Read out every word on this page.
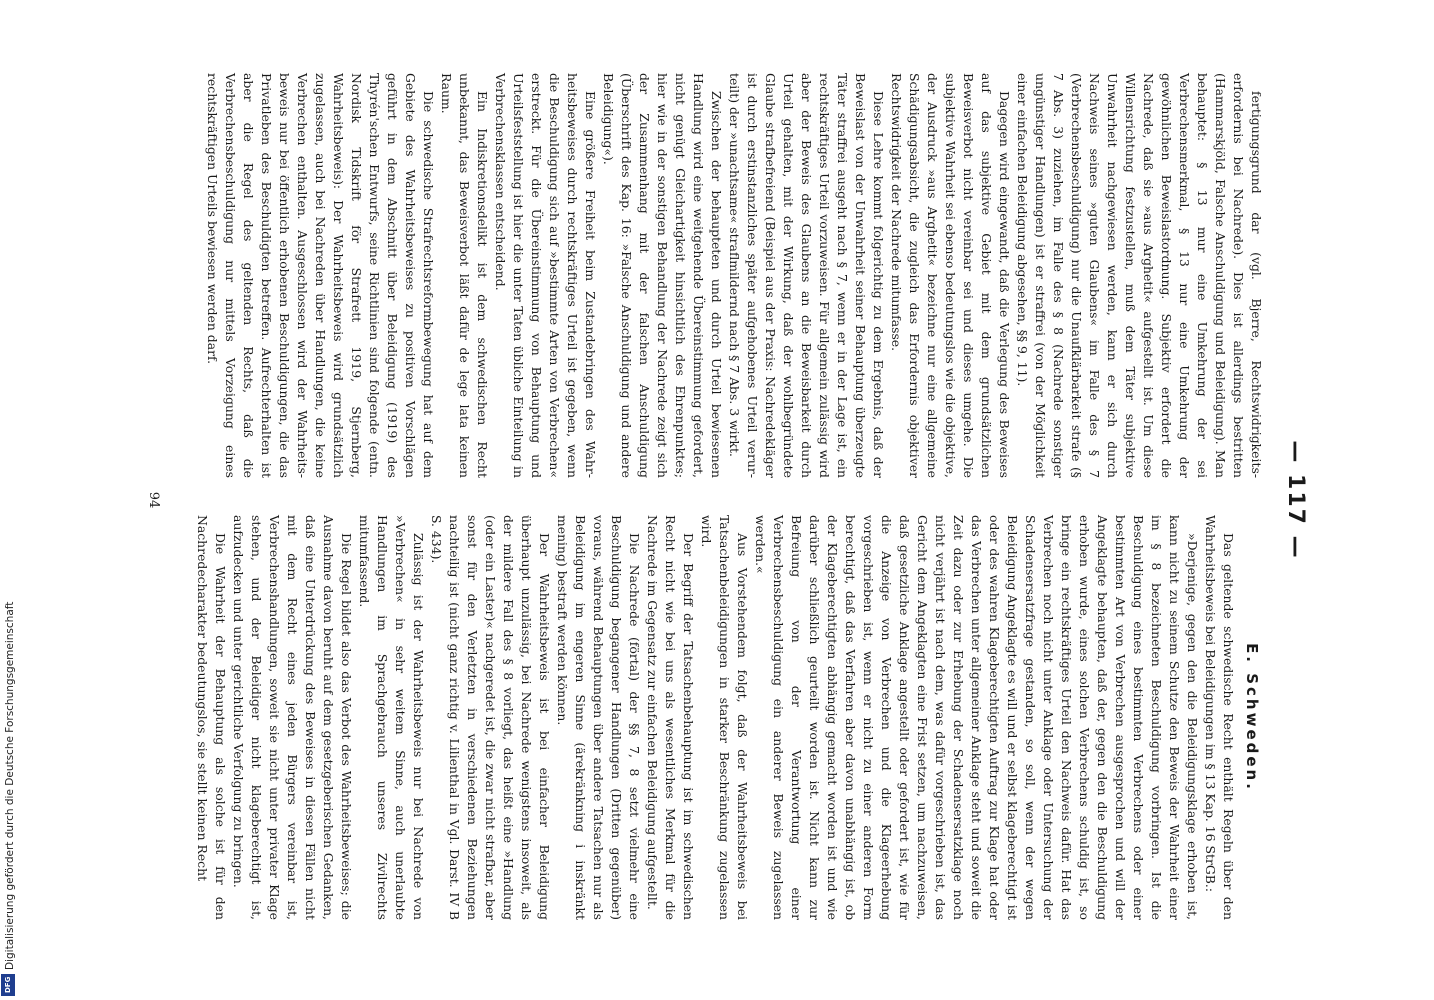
— 117 —

fertigungsgrund dar (vgl. Bjerre, Rechtswidrigkeitserfordernis bei Nachrede). Dies ist allerdings bestritten (Hammarskjöld, Falsche Anschuldigung und Beleidigung). Man behauptet: § 13 mur eine Umkehrung der sei Verbrechensmerkmal, § 13 nur eine Umkehrung der gewöhnlichen Beweislastordnung. Subjektiv erfordert die Nachrede, daß sie »aus Arghetit« aufgestellt ist. Um diese Willensrichtung festzustellen, muß dem Täter subjektive Unwahrheit nachgewiesen werden, kann er sich durch Nachweis seines »guten Glaubens« im Falle des § 7 (Verbrechensbeschuldigung) nur die Unaufklärbarkeit strafe (§ 7 Abs. 3) zuziehen, im Falle des § 8 (Nachrede sonstiger ungünstiger Handlungen) ist er straffrei (von der Möglichkeit einer einfachen Beleidigung abgesehen, §§ 9, 11).

Dagegen wird eingewandt, daß die Verlegung des Beweises auf das subjektive Gebiet mit dem grundsätzlichen Beweisverbot nicht vereinbar sei und dieses umgehe. Die subjektive Wahrheit sei ebenso bedeutungslos wie die objektive, der Ausdruck »aus Arghetit« bezeichne nur eine allgemeine Schädigungsabsicht, die zugleich das Erfordernis objektiver Rechtswidrigkeit der Nachrede mitumfasse.

Diese Lehre kommt folgerichtig zu dem Ergebnis, daß der Beweislast von der Unwahrheit seiner Behauptung überzeugte Täter straffrei ausgeht nach § 7, wenn er in der Lage ist, ein rechtskräftiges Urteil vorzuweisen. Für allgemein zulässig wird aber der Beweis des Glaubens an die Beweisbarkeit durch Urteil gehalten, mit der Wirkung, daß der wohlbegründete Glaube strafbefreiend (Beispiel aus der Praxis: Nachredekläger ist durch erstinstanzliches später aufgehobenes Urteil verurteilt) der »unachtsame« straflmildernd nach § 7 Abs. 3 wirkt.

Zwischen der behaupteten und durch Urteil bewiesenen Handlung wird eine weitgehende Übereinstimmung gefordert, nicht genügt Gleichartigkeit hinsichtlich des Ehrenpunktes; hier wie in der sonstigen Behandlung der Nachrede zeigt sich der Zusammenhang mit der falschen Anschuldigung (Überschrift des Kap. 16: »Falsche Anschuldigung und andere Beleidigung«).

Eine größere Freiheit beim Zustandebringen des Wahrheitsbeweises durch rechtskräftiges Urteil ist gegeben, wenn die Beschuldigung sich auf »bestimmte Arten von Verbrechen« erstreckt. Für die Übereinstimmung von Behauptung und Urteilsfeststellung ist hier die unter Taten übliche Einteilung in Verbrechensklassen entscheidend.

Ein Indiskretionsdelikt ist dem schwedischen Recht unbekannt, das Beweisverbot läßt dafür de lege lata keinen Raum.

Die schwedische Strafrechtsreformbewegung hat auf dem Gebiete des Wahrheitsbeweises zu positiven Vorschlägen geführt in dem Abschnitt über Beleidigung (1919) des Thyrén'schen Entwurfs, seine Richtlinien sind folgende (entn. Nordisk Tidskrift för Strafrett 1919, Stjernberg, Wahrheitsbeweis): Der Wahrheitsbeweis wird grundsätzlich zugelassen, auch bei Nachreden über Handlungen, die keine Verbrechen enthalten. Ausgeschlossen wird der Wahrheitsbeweis nur bei öffentlich erhobenen Beschuldigungen, die das Privatleben des Beschuldigten betreffen. Aufrechterhalten ist aber die Regel des geltenden Rechts, daß die Verbrechensbeschuldigung nur mittels Vorzeigung eines rechtskräftigen Urteils bewiesen werden darf.

E. Schweden.

Das geltende schwedische Recht enthält Regeln über den Wahrheitsbeweis bei Beleidigungen im § 13 Kap. 16 StrGB.:

»Derjenige, gegen den die Beleidigungsklage erhoben ist, kann nicht zu seinem Schutze den Beweis der Wahrheit einer im § 8 bezeichneten Beschuldigung vorbringen. Ist die Beschuldigung eines bestimmten Verbrechens oder einer bestimmten Art von Verbrechen ausgesprochen und will der Angeklagte behaupten, daß der, gegen den die Beschuldigung erhoben wurde, eines solchen Verbrechens schuldig ist, so bringe ein rechtskräftiges Urteil den Nachweis dafür. Hat das Verbrechen noch nicht unter Anklage oder Untersuchung der Schadensersatzfrage gestanden, so soll, wenn der wegen Beleidigung Angeklagte es will und er selbst klageberechtigt ist oder des wahren Klageberechtigten Auftrag zur Klage hat oder das Verbrechen unter allgemeiner Anklage steht und soweit die Zeit dazu oder zur Erhebung der Schadensersatzklage noch nicht verjährt ist nach dem, was dafür vorgeschrieben ist, das Gericht dem Angeklagten eine Frist setzen, um nachzuweisen, daß gesetzliche Anklage angestellt oder gefordert ist, wie für die Anzeige von Verbrechen und die Klageerhebung vorgeschrieben ist, wenn er nicht zu einer anderen Form berechtigt, daß das Verfahren aber davon unabhängig ist, ob der Klageberechtigten abhängig gemacht worden ist und wie darüber schließlich geurteilt worden ist. Nicht kann zur Befreiung von der Verantwortung einer Verbrechensbeschuldigung ein anderer Beweis zugelassen werden.«

Aus Vorstehendem folgt, daß der Wahrheitsbeweis bei Tatsachenbeleidigungen in starker Beschränkung zugelassen wird.

Der Begriff der Tatsachenbehauptung ist im schwedischen Recht nicht wie bei uns als wesentliches Merkmal für die Nachrede im Gegensatz zur einfachen Beleidigung aufgestellt.

Die Nachrede (förtal) der §§ 7, 8 setzt vielmehr eine Beschuldigung begangener Handlungen (Dritten gegenüber) voraus, während Behauptungen über andere Tatsachen nur als Beleidigung im engeren Sinne (ärekränkning i inskränkt mening) bestraft werden können.

Der Wahrheitsbeweis ist bei einfacher Beleidigung überhaupt unzulässig, bei Nachrede wenigstens insoweit, als der mildere Fall des § 8 vorliegt, das heißt eine »Handlung (oder ein Laster)« nachgeredet ist, die zwar nicht strafbar, aber sonst für den Verletzten in verschiedenen Beziehungen nachteilig ist (nicht ganz richtig v. Lilienthal in Vgl. Darst. IV B S. 434).

Zulässig ist der Wahrheitsbeweis nur bei Nachrede von »Verbrechen« in sehr weitem Sinne, auch unerlaubte Handlungen im Sprachgebrauch unseres Zivilrechts mitumfassend.

Die Regel bildet also das Verbot des Wahrheitsbeweises; die Ausnahme davon beruht auf dem gesetzgeberischen Gedanken, daß eine Unterdrückung des Beweises in diesen Fällen nicht mit dem Recht eines jeden Bürgers vereinbar ist, Verbrechenshandlungen, soweit sie nicht unter privater Klage stehen, und der Beleidiger nicht klageberechtigt ist, aufzudecken und unter gerichtliche Verfolgung zu bringen.

Die Wahrheit der Behauptung als solche ist für den Nachredecharakter bedeutungslos, sie stellt keinen Recht

94
Digitalisierung gefördert durch die Deutsche Forschungsgemeinschaft
DFG
